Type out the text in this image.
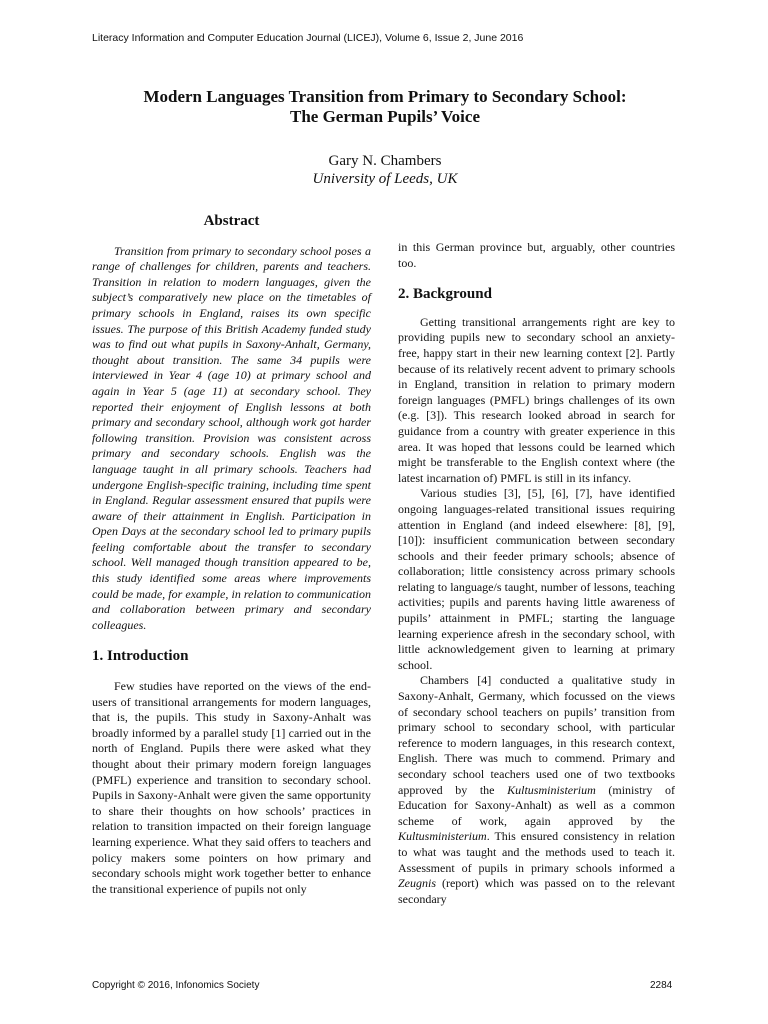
Literacy Information and Computer Education Journal (LICEJ), Volume 6, Issue 2, June 2016
Modern Languages Transition from Primary to Secondary School:
The German Pupils’ Voice
Gary N. Chambers
University of Leeds, UK
Abstract

Transition from primary to secondary school poses a range of challenges for children, parents and teachers. Transition in relation to modern languages, given the subject’s comparatively new place on the timetables of primary schools in England, raises its own specific issues. The purpose of this British Academy funded study was to find out what pupils in Saxony-Anhalt, Germany, thought about transition. The same 34 pupils were interviewed in Year 4 (age 10) at primary school and again in Year 5 (age 11) at secondary school. They reported their enjoyment of English lessons at both primary and secondary school, although work got harder following transition. Provision was consistent across primary and secondary schools. English was the language taught in all primary schools. Teachers had undergone English-specific training, including time spent in England. Regular assessment ensured that pupils were aware of their attainment in English. Participation in Open Days at the secondary school led to primary pupils feeling comfortable about the transfer to secondary school. Well managed though transition appeared to be, this study identified some areas where improvements could be made, for example, in relation to communication and collaboration between primary and secondary colleagues.

1. Introduction

Few studies have reported on the views of the end-users of transitional arrangements for modern languages, that is, the pupils. This study in Saxony-Anhalt was broadly informed by a parallel study [1] carried out in the north of England. Pupils there were asked what they thought about their primary modern foreign languages (PMFL) experience and transition to secondary school. Pupils in Saxony-Anhalt were given the same opportunity to share their thoughts on how schools’ practices in relation to transition impacted on their foreign language learning experience. What they said offers to teachers and policy makers some pointers on how primary and secondary schools might work together better to enhance the transitional experience of pupils not only

in this German province but, arguably, other countries too.

2. Background

Getting transitional arrangements right are key to providing pupils new to secondary school an anxiety-free, happy start in their new learning context [2]. Partly because of its relatively recent advent to primary schools in England, transition in relation to primary modern foreign languages (PMFL) brings challenges of its own (e.g. [3]). This research looked abroad in search for guidance from a country with greater experience in this area. It was hoped that lessons could be learned which might be transferable to the English context where (the latest incarnation of) PMFL is still in its infancy.

Various studies [3], [5], [6], [7], have identified ongoing languages-related transitional issues requiring attention in England (and indeed elsewhere: [8], [9], [10]): insufficient communication between secondary schools and their feeder primary schools; absence of collaboration; little consistency across primary schools relating to language/s taught, number of lessons, teaching activities; pupils and parents having little awareness of pupils’ attainment in PMFL; starting the language learning experience afresh in the secondary school, with little acknowledgement given to learning at primary school.

Chambers [4] conducted a qualitative study in Saxony-Anhalt, Germany, which focussed on the views of secondary school teachers on pupils’ transition from primary school to secondary school, with particular reference to modern languages, in this research context, English. There was much to commend. Primary and secondary school teachers used one of two textbooks approved by the Kultusministerium (ministry of Education for Saxony-Anhalt) as well as a common scheme of work, again approved by the Kultusministerium. This ensured consistency in relation to what was taught and the methods used to teach it. Assessment of pupils in primary schools informed a Zeugnis (report) which was passed on to the relevant secondary

Copyright © 2016, Infonomics Society	2284
